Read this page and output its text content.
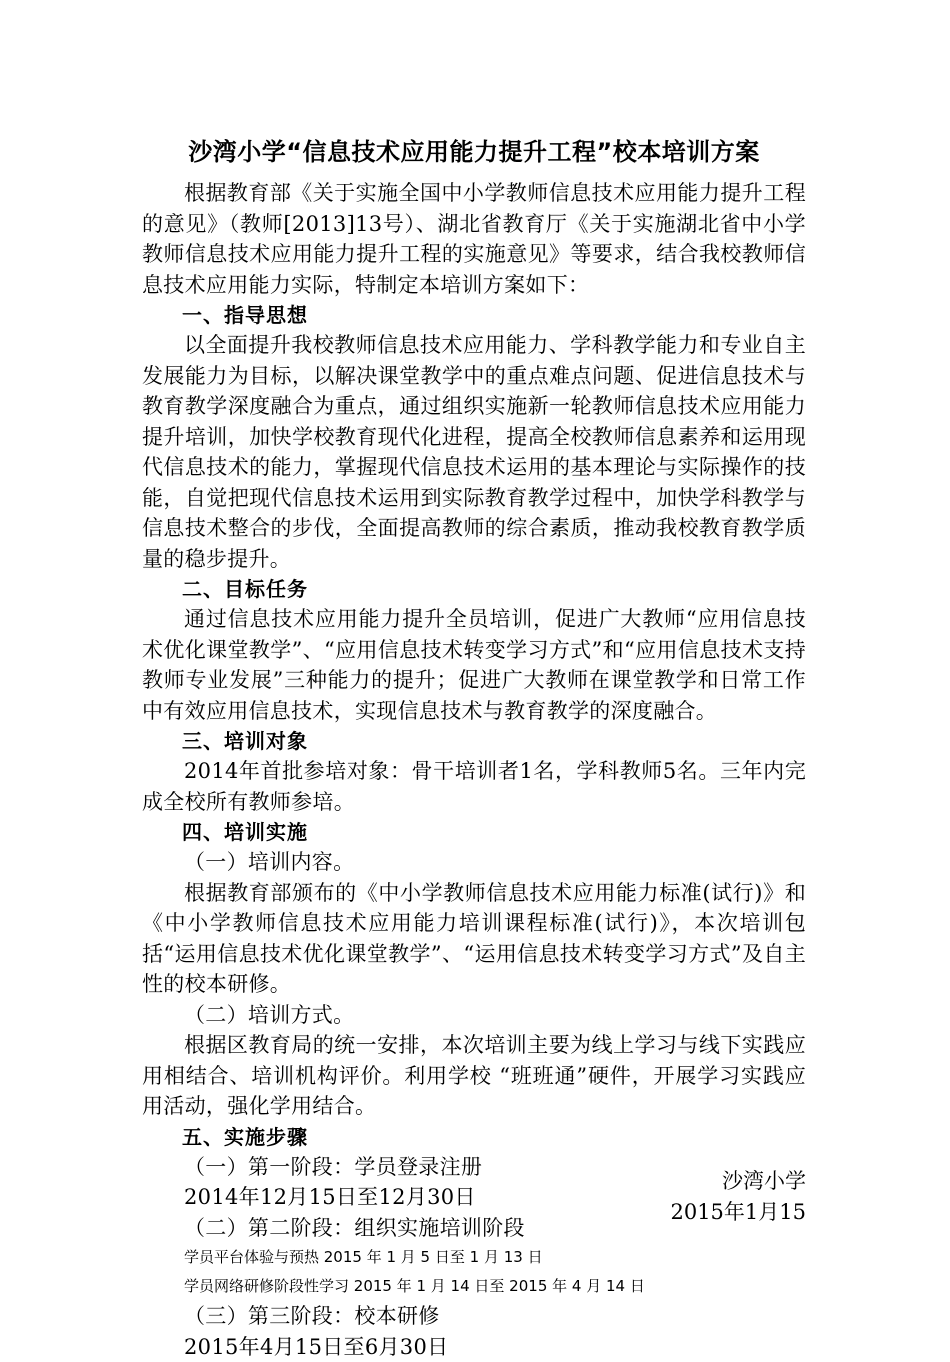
沙湾小学“信息技术应用能力提升工程”校本培训方案

根据教育部《关于实施全国中小学教师信息技术应用能力提升工程的意见》（教师[2013]13号）、湖北省教育厅《关于实施湖北省中小学教师信息技术应用能力提升工程的实施意见》等要求，结合我校教师信息技术应用能力实际，特制定本培训方案如下：

一、指导思想

以全面提升我校教师信息技术应用能力、学科教学能力和专业自主发展能力为目标，以解决课堂教学中的重点难点问题、促进信息技术与教育教学深度融合为重点，通过组织实施新一轮教师信息技术应用能力提升培训，加快学校教育现代化进程，提高全校教师信息素养和运用现代信息技术的能力，掌握现代信息技术运用的基本理论与实际操作的技能，自觉把现代信息技术运用到实际教育教学过程中，加快学科教学与信息技术整合的步伐，全面提高教师的综合素质，推动我校教育教学质量的稳步提升。

二、目标任务

通过信息技术应用能力提升全员培训，促进广大教师“应用信息技术优化课堂教学”、“应用信息技术转变学习方式”和“应用信息技术支持教师专业发展”三种能力的提升；促进广大教师在课堂教学和日常工作中有效应用信息技术，实现信息技术与教育教学的深度融合。

三、培训对象

2014年首批参培对象：骨干培训者1名，学科教师5名。三年内完成全校所有教师参培。

四、培训实施

（一）培训内容。

根据教育部颁布的《中小学教师信息技术应用能力标准(试行)》和《中小学教师信息技术应用能力培训课程标准(试行)》，本次培训包括“运用信息技术优化课堂教学”、“运用信息技术转变学习方式”及自主性的校本研修。

（二）培训方式。

根据区教育局的统一安排，本次培训主要为线上学习与线下实践应用相结合、培训机构评价。利用学校 “班班通”硬件，开展学习实践应用活动，强化学用结合。

五、实施步骤

（一）第一阶段：学员登录注册

2014年12月15日至12月30日

（二）第二阶段：组织实施培训阶段

学员平台体验与预热 2015 年 1 月 5 日至 1 月 13 日

学员网络研修阶段性学习 2015 年 1 月 14 日至 2015 年 4 月 14 日

（三）第三阶段：校本研修

2015年4月15日至6月30日

沙湾小学
2015年1月15
